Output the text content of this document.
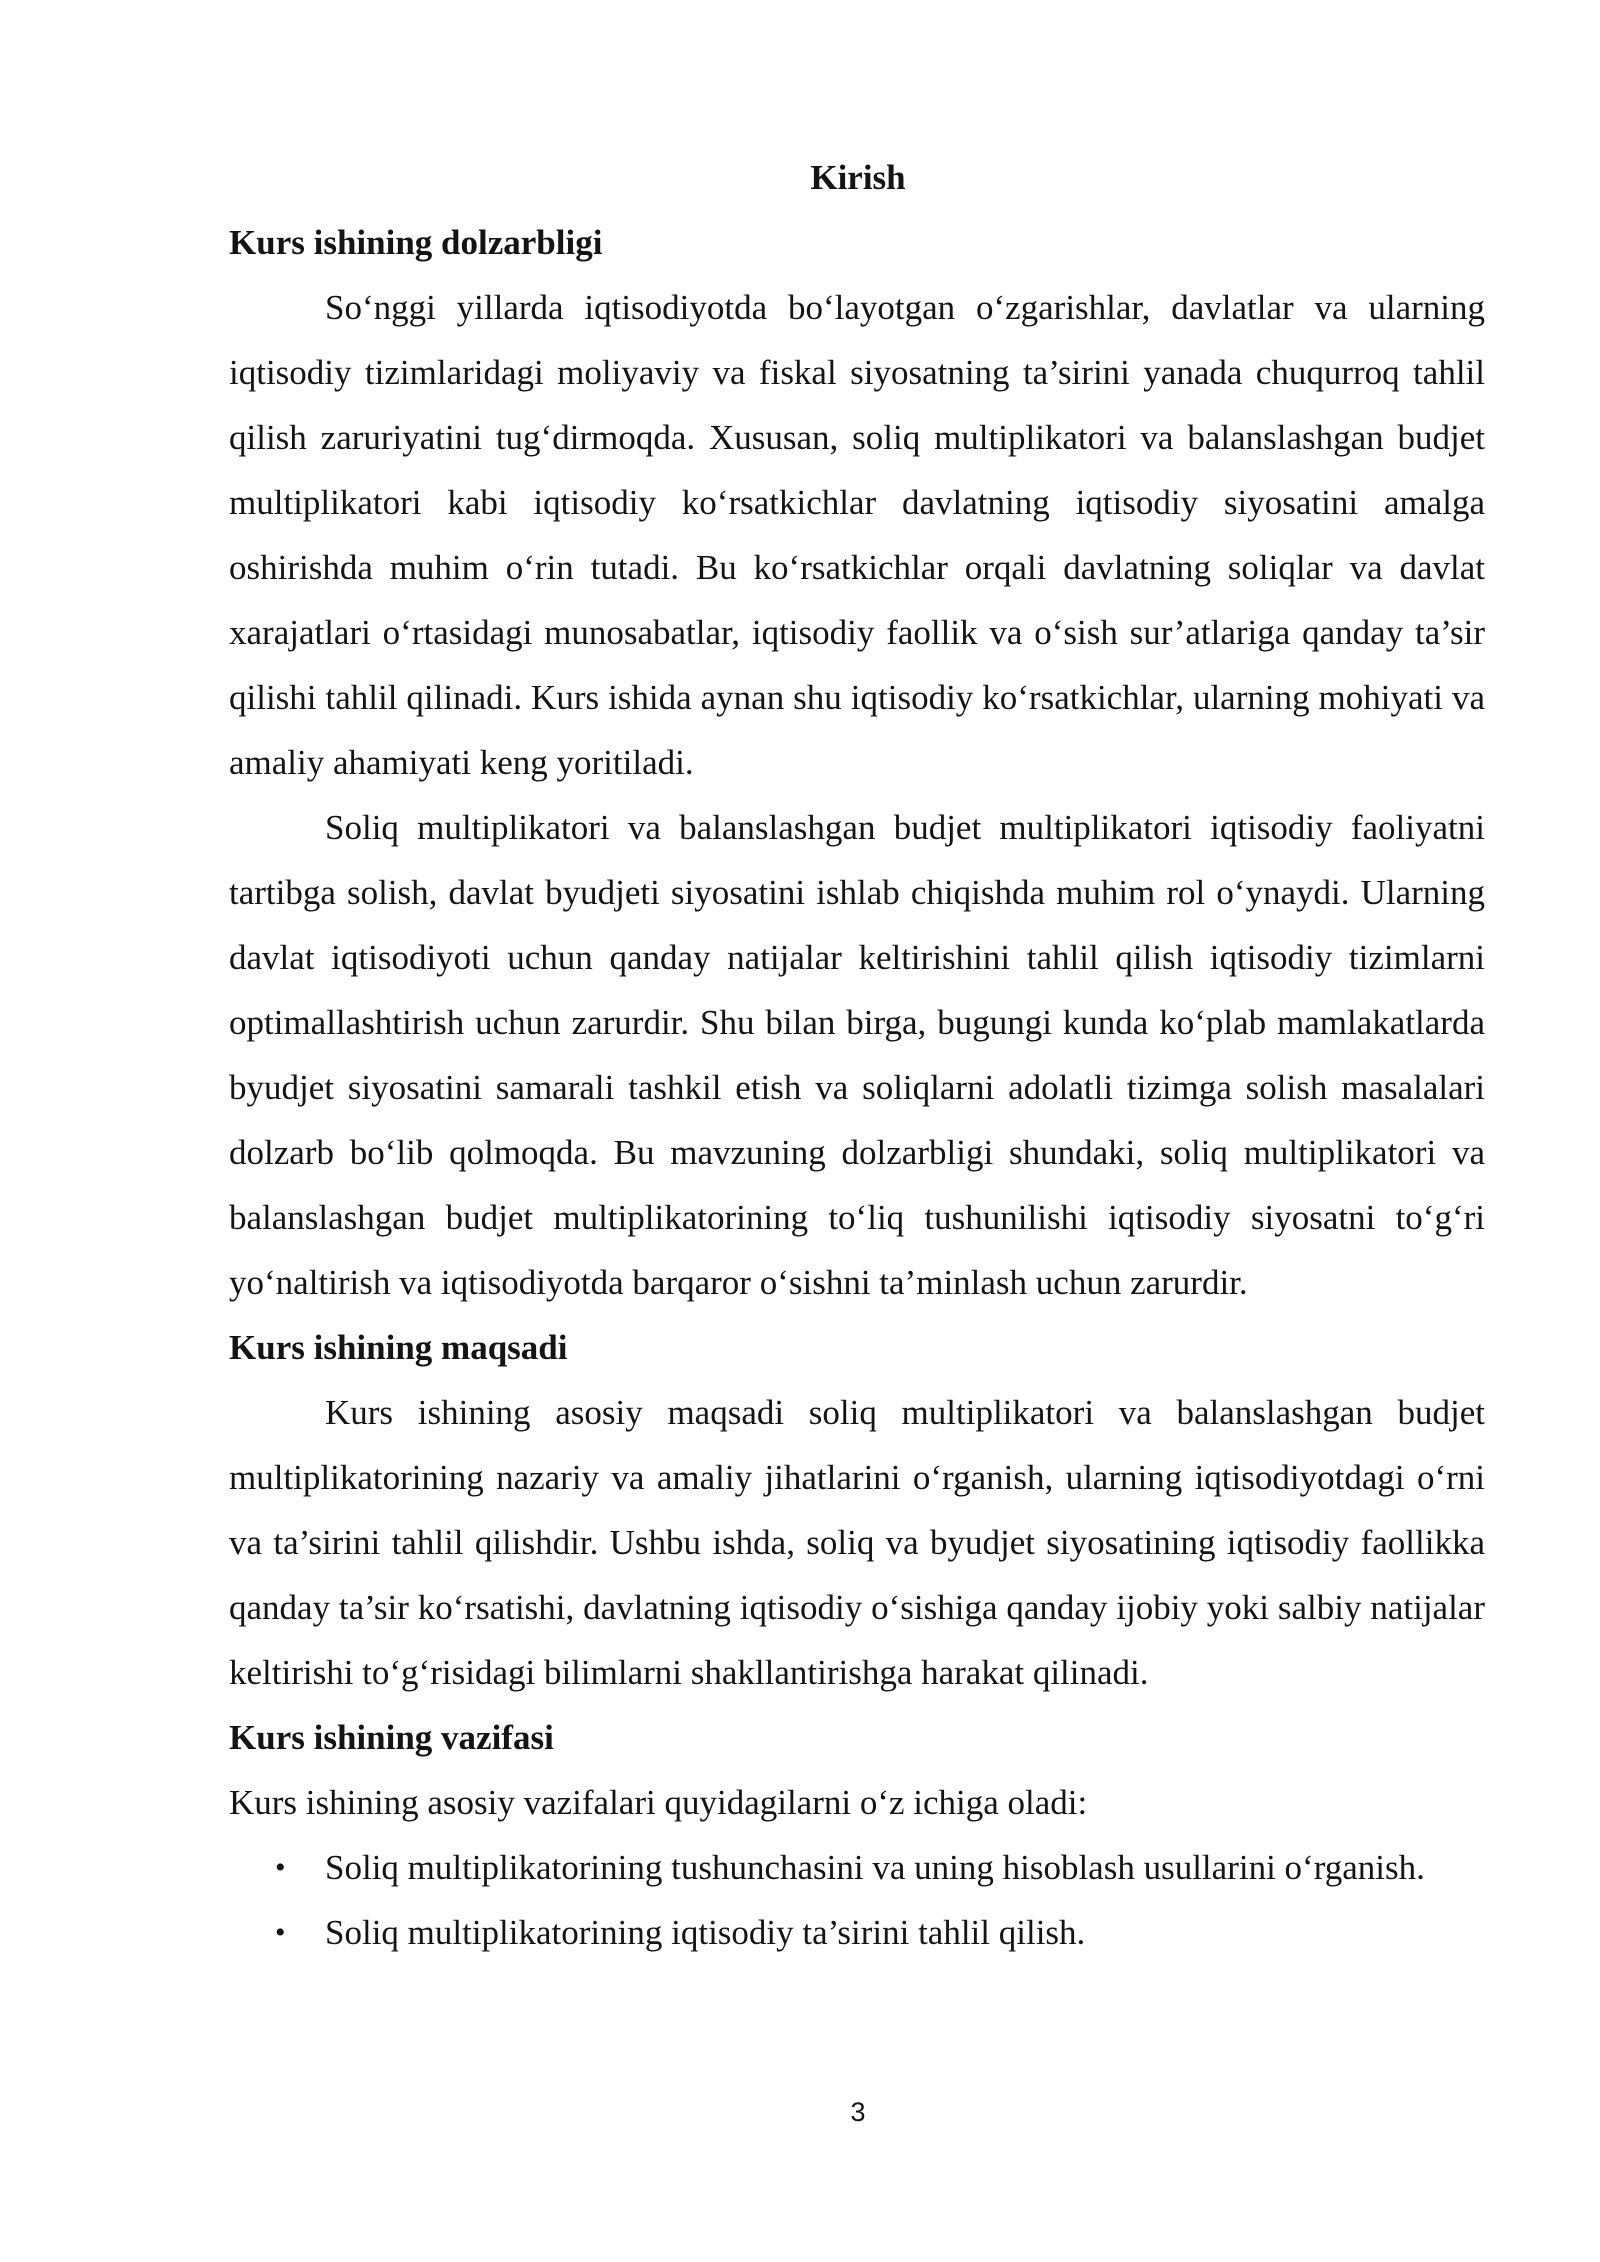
Kirish
Kurs ishining dolzarbligi

So‘nggi yillarda iqtisodiyotda bo‘layotgan o‘zgarishlar, davlatlar va ularning iqtisodiy tizimlaridagi moliyaviy va fiskal siyosatning ta’sirini yanada chuqurroq tahlil qilish zaruriyatini tug‘dirmoqda. Xususan, soliq multiplikatori va balanslashgan budjet multiplikatori kabi iqtisodiy ko‘rsatkichlar davlatning iqtisodiy siyosatini amalga oshirishda muhim o‘rin tutadi. Bu ko‘rsatkichlar orqali davlatning soliqlar va davlat xarajatlari o‘rtasidagi munosabatlar, iqtisodiy faollik va o‘sish sur’atlariga qanday ta’sir qilishi tahlil qilinadi. Kurs ishida aynan shu iqtisodiy ko‘rsatkichlar, ularning mohiyati va amaliy ahamiyati keng yoritiladi.

Soliq multiplikatori va balanslashgan budjet multiplikatori iqtisodiy faoliyatni tartibga solish, davlat byudjeti siyosatini ishlab chiqishda muhim rol o‘ynaydi. Ularning davlat iqtisodiyoti uchun qanday natijalar keltirishini tahlil qilish iqtisodiy tizimlarni optimallashtirish uchun zarurdir. Shu bilan birga, bugungi kunda ko‘plab mamlakatlarda byudjet siyosatini samarali tashkil etish va soliqlarni adolatli tizimga solish masalalari dolzarb bo‘lib qolmoqda. Bu mavzuning dolzarbligi shundaki, soliq multiplikatori va balanslashgan budjet multiplikatorining to‘liq tushunilishi iqtisodiy siyosatni to‘g‘ri yo‘naltirish va iqtisodiyotda barqaror o‘sishni ta’minlash uchun zarurdir.

Kurs ishining maqsadi

Kurs ishining asosiy maqsadi soliq multiplikatori va balanslashgan budjet multiplikatorining nazariy va amaliy jihatlarini o‘rganish, ularning iqtisodiyotdagi o‘rni va ta’sirini tahlil qilishdir. Ushbu ishda, soliq va byudjet siyosatining iqtisodiy faollikka qanday ta’sir ko‘rsatishi, davlatning iqtisodiy o‘sishiga qanday ijobiy yoki salbiy natijalar keltirishi to‘g‘risidagi bilimlarni shakllantirishga harakat qilinadi.

Kurs ishining vazifasi

Kurs ishining asosiy vazifalari quyidagilarni o‘z ichiga oladi:

• Soliq multiplikatorining tushunchasini va uning hisoblash usullarini o‘rganish.
• Soliq multiplikatorining iqtisodiy ta’sirini tahlil qilish.
3
